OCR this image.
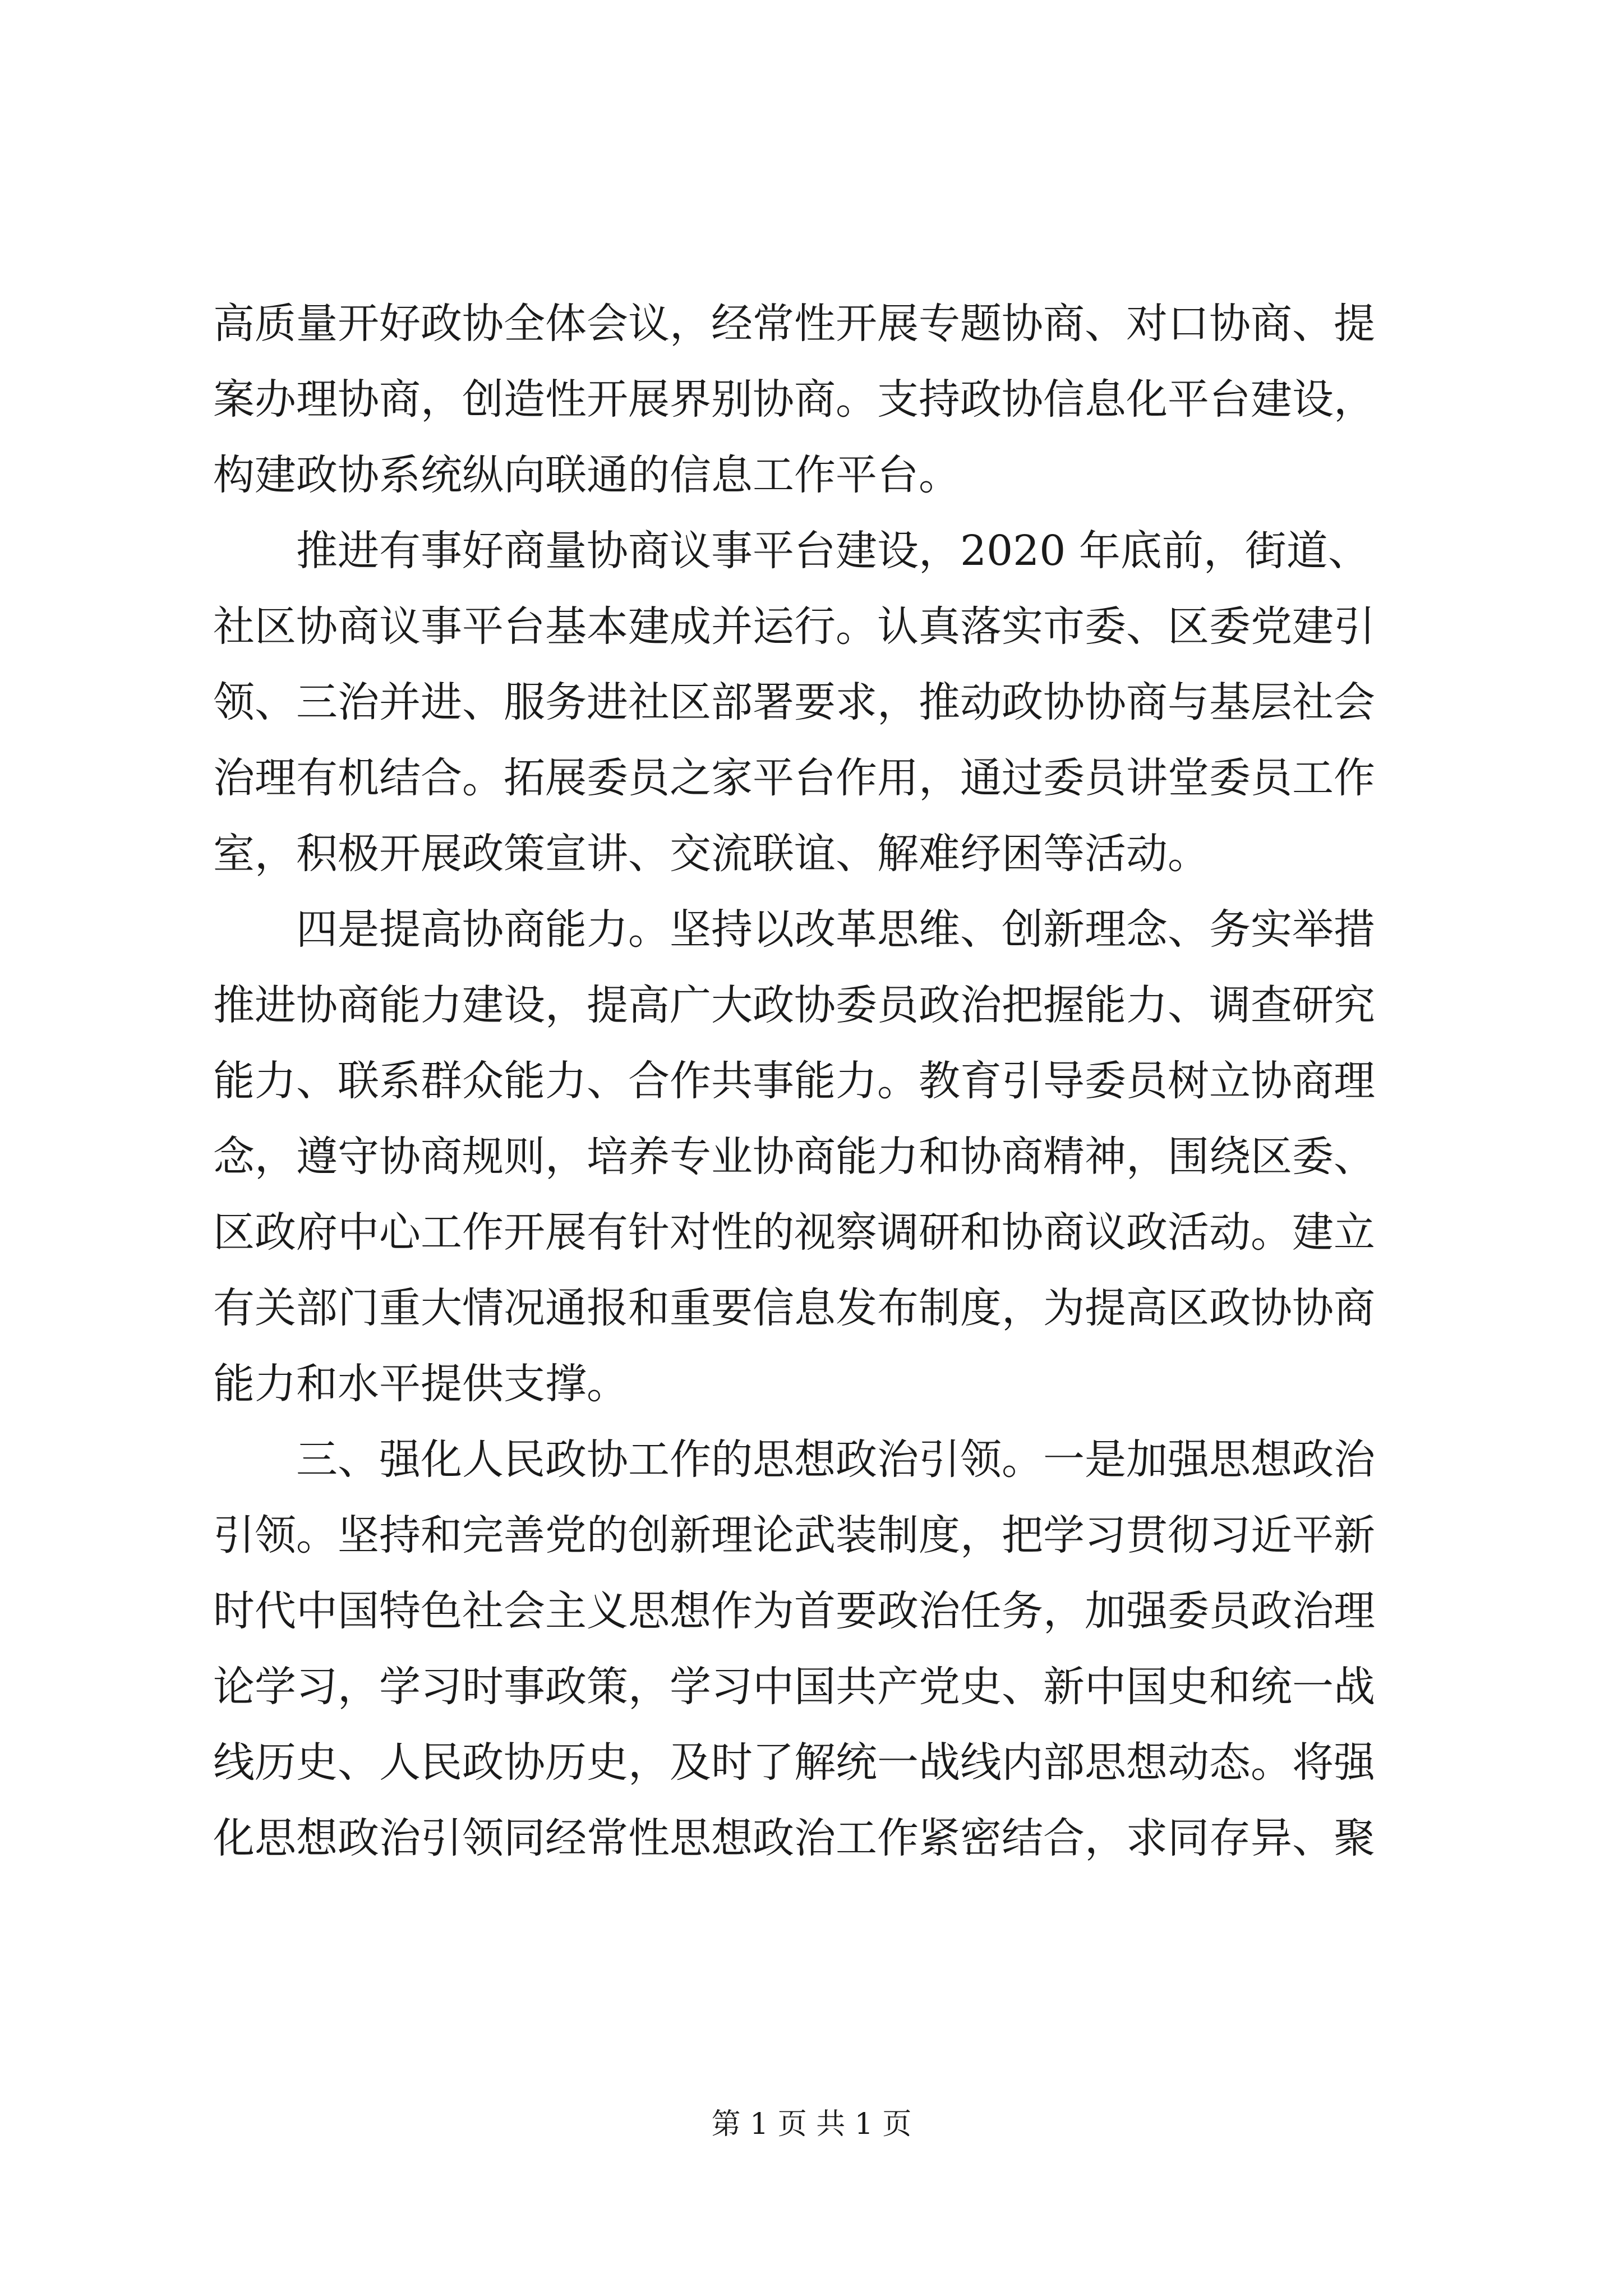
高质量开好政协全体会议，经常性开展专题协商、对口协商、提
案办理协商，创造性开展界别协商。支持政协信息化平台建设，
构建政协系统纵向联通的信息工作平台。
推进有事好商量协商议事平台建设，2020 年底前，街道、
社区协商议事平台基本建成并运行。认真落实市委、区委党建引
领、三治并进、服务进社区部署要求，推动政协协商与基层社会
治理有机结合。拓展委员之家平台作用，通过委员讲堂委员工作
室，积极开展政策宣讲、交流联谊、解难纾困等活动。
四是提高协商能力。坚持以改革思维、创新理念、务实举措
推进协商能力建设，提高广大政协委员政治把握能力、调查研究
能力、联系群众能力、合作共事能力。教育引导委员树立协商理
念，遵守协商规则，培养专业协商能力和协商精神，围绕区委、
区政府中心工作开展有针对性的视察调研和协商议政活动。建立
有关部门重大情况通报和重要信息发布制度，为提高区政协协商
能力和水平提供支撑。
三、强化人民政协工作的思想政治引领。一是加强思想政治
引领。坚持和完善党的创新理论武装制度，把学习贯彻习近平新
时代中国特色社会主义思想作为首要政治任务，加强委员政治理
论学习，学习时事政策，学习中国共产党史、新中国史和统一战
线历史、人民政协历史，及时了解统一战线内部思想动态。将强
化思想政治引领同经常性思想政治工作紧密结合，求同存异、聚
第 1 页 共 1 页
